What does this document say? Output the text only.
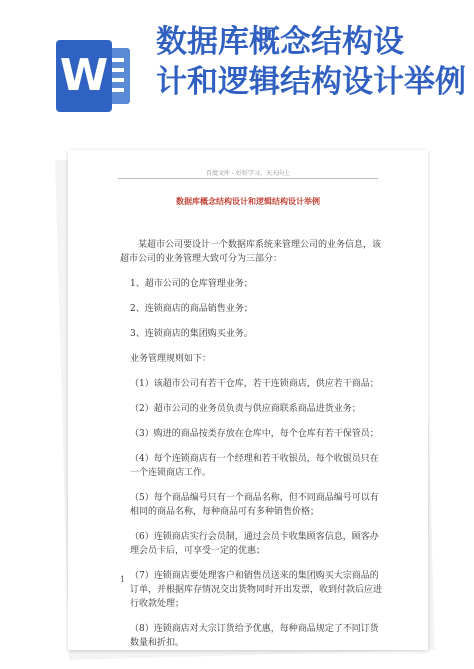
W
数据库概念结构设
计和逻辑结构设计举例
百度文库 - 好好学习，天天向上
数据库概念结构设计和逻辑结构设计举例

某超市公司要设计一个数据库系统来管理公司的业务信息，该超市公司的业务管理大致可分为三部分：

1、超市公司的仓库管理业务；

2、连锁商店的商品销售业务；

3、连锁商店的集团购买业务。

业务管理规则如下：

（1）该超市公司有若干仓库，若干连锁商店，供应若干商品；

（2）超市公司的业务员负责与供应商联系商品进货业务；

（3）购进的商品按类存放在仓库中，每个仓库有若干保管员；

（4）每个连锁商店有一个经理和若干收银员，每个收银员只在一个连锁商店工作。

（5）每个商品编号只有一个商品名称，但不同商品编号可以有相同的商品名称，每种商品可有多种销售价格；

（6）连锁商店实行会员制，通过会员卡收集顾客信息，顾客办理会员卡后，可享受一定的优惠；

（7）连锁商店要处理客户和销售员送来的集团购买大宗商品的订单，并根据库存情况交出货物同时开出发票，收到付款后应进行收款处理；

（8）连锁商店对大宗订货给予优惠，每种商品规定了不同订货数量和折扣。

1
